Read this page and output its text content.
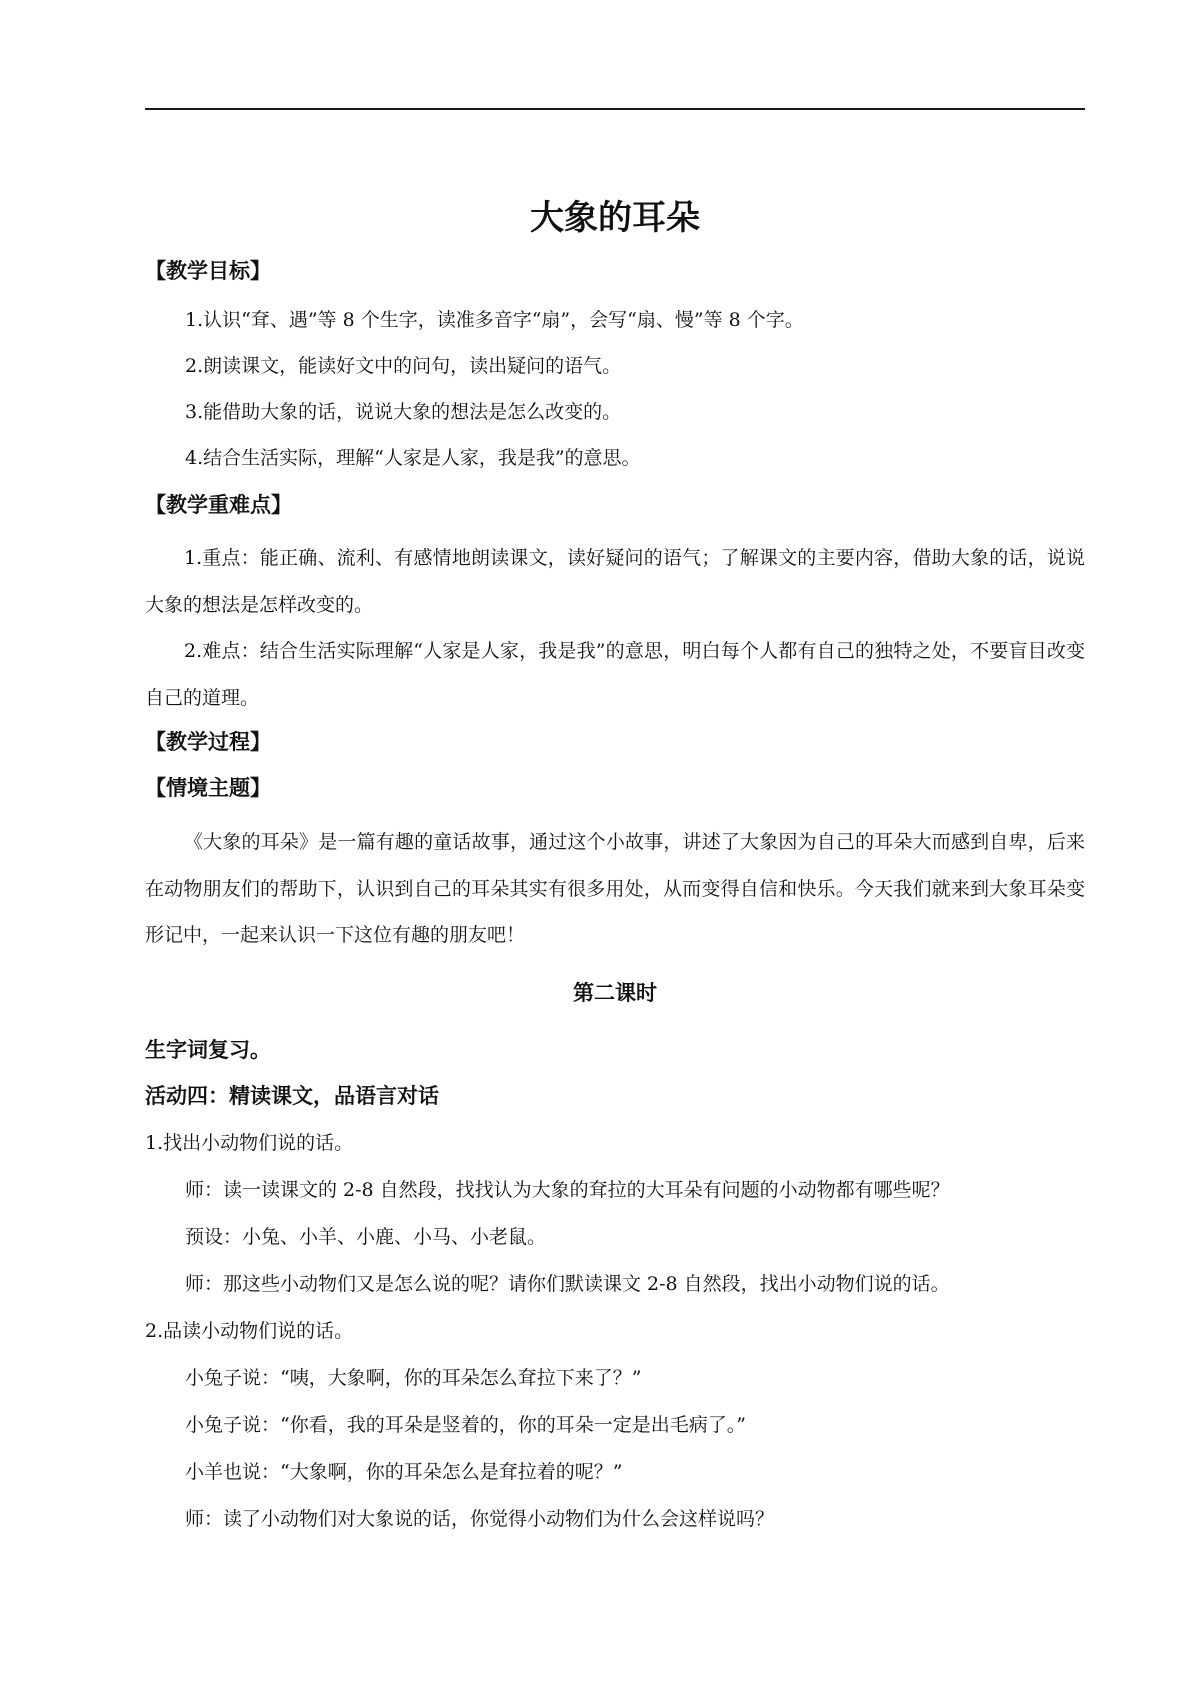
大象的耳朵
【教学目标】
1.认识“耷、遇”等 8 个生字，读准多音字“扇”，会写“扇、慢”等 8 个字。
2.朗读课文，能读好文中的问句，读出疑问的语气。
3.能借助大象的话，说说大象的想法是怎么改变的。
4.结合生活实际，理解“人家是人家，我是我”的意思。
【教学重难点】

1.重点：能正确、流利、有感情地朗读课文，读好疑问的语气；了解课文的主要内容，借助大象的话，说说大象的想法是怎样改变的。

2.难点：结合生活实际理解“人家是人家，我是我”的意思，明白每个人都有自己的独特之处，不要盲目改变自己的道理。

【教学过程】
【情境主题】

《大象的耳朵》是一篇有趣的童话故事，通过这个小故事，讲述了大象因为自己的耳朵大而感到自卑，后来在动物朋友们的帮助下，认识到自己的耳朵其实有很多用处，从而变得自信和快乐。今天我们就来到大象耳朵变形记中，一起来认识一下这位有趣的朋友吧！

第二课时
生字词复习。
活动四：精读课文，品语言对话
1.找出小动物们说的话。
师：读一读课文的 2-8 自然段，找找认为大象的耷拉的大耳朵有问题的小动物都有哪些呢？
预设：小兔、小羊、小鹿、小马、小老鼠。
师：那这些小动物们又是怎么说的呢？请你们默读课文 2-8 自然段，找出小动物们说的话。
2.品读小动物们说的话。
小兔子说：“咦，大象啊，你的耳朵怎么耷拉下来了？”
小兔子说：“你看，我的耳朵是竖着的，你的耳朵一定是出毛病了。”
小羊也说：“大象啊，你的耳朵怎么是耷拉着的呢？”
师：读了小动物们对大象说的话，你觉得小动物们为什么会这样说吗？
